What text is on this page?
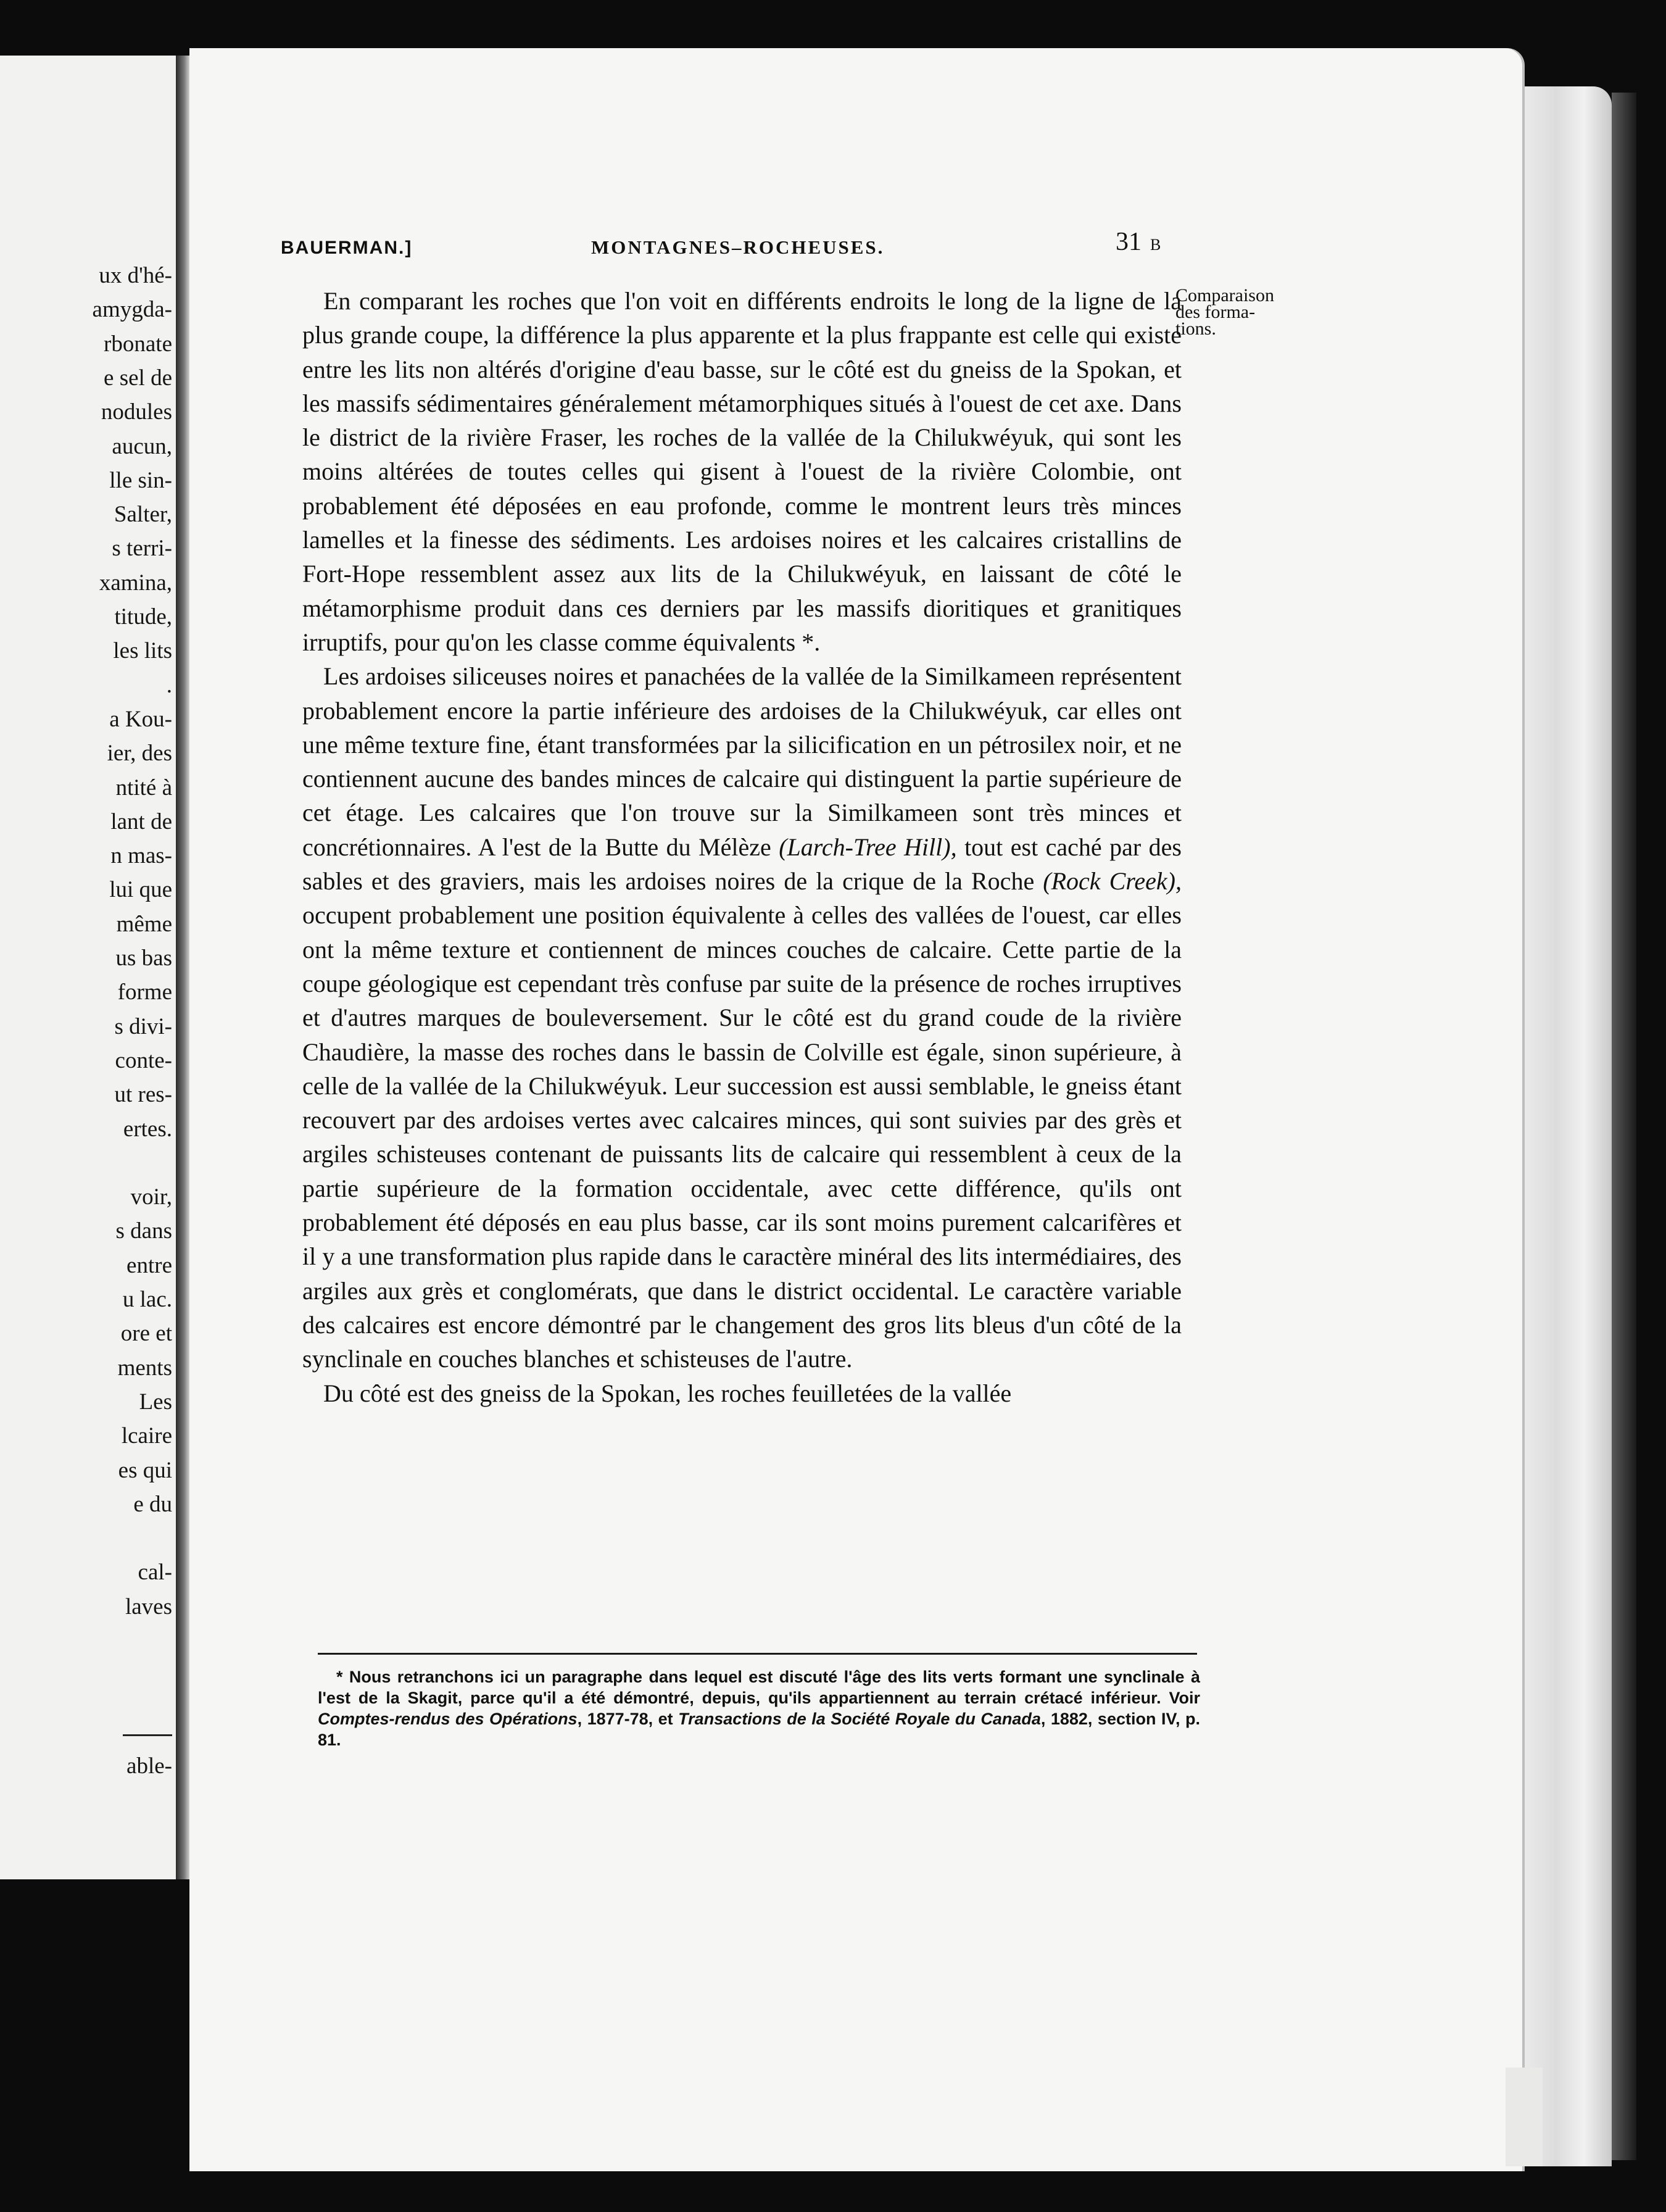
ux d'hé-
amygda-
rbonate
e sel de
nodules
aucun,
lle sin-
Salter,
s terri-
xamina,
titude,
les lits
.
a Kou-
ier, des
ntité à
lant de
n mas-
lui que
même
us bas
forme
s divi-
conte-
ut res-
ertes.
voir,
s dans
entre
u lac.
ore et
ments
Les
lcaire
es qui
e du
cal-
laves
able-
BAUERMAN.]	MONTAGNES–ROCHEUSES.	31 B
Comparaison
des forma-
tions.

En comparant les roches que l'on voit en différents endroits le long de la ligne de la plus grande coupe, la différence la plus apparente et la plus frappante est celle qui existe entre les lits non altérés d'origine d'eau basse, sur le côté est du gneiss de la Spokan, et les massifs sédimentaires généralement métamorphiques situés à l'ouest de cet axe. Dans le district de la rivière Fraser, les roches de la vallée de la Chilukwéyuk, qui sont les moins altérées de toutes celles qui gisent à l'ouest de la rivière Colombie, ont probablement été déposées en eau profonde, comme le montrent leurs très minces lamelles et la finesse des sédiments. Les ardoises noires et les calcaires cristallins de Fort-Hope ressemblent assez aux lits de la Chilukwéyuk, en laissant de côté le métamorphisme produit dans ces derniers par les massifs dioritiques et granitiques irruptifs, pour qu'on les classe comme équivalents *.

Les ardoises siliceuses noires et panachées de la vallée de la Similkameen représentent probablement encore la partie inférieure des ardoises de la Chilukwéyuk, car elles ont une même texture fine, étant transformées par la silicification en un pétrosilex noir, et ne contiennent aucune des bandes minces de calcaire qui distinguent la partie supérieure de cet étage. Les calcaires que l'on trouve sur la Similkameen sont très minces et concrétionnaires. A l'est de la Butte du Mélèze (Larch-Tree Hill), tout est caché par des sables et des graviers, mais les ardoises noires de la crique de la Roche (Rock Creek), occupent probablement une position équivalente à celles des vallées de l'ouest, car elles ont la même texture et contiennent de minces couches de calcaire. Cette partie de la coupe géologique est cependant très confuse par suite de la présence de roches irruptives et d'autres marques de bouleversement. Sur le côté est du grand coude de la rivière Chaudière, la masse des roches dans le bassin de Colville est égale, sinon supérieure, à celle de la vallée de la Chilukwéyuk. Leur succession est aussi semblable, le gneiss étant recouvert par des ardoises vertes avec calcaires minces, qui sont suivies par des grès et argiles schisteuses contenant de puissants lits de calcaire qui ressemblent à ceux de la partie supérieure de la formation occidentale, avec cette différence, qu'ils ont probablement été déposés en eau plus basse, car ils sont moins purement calcarifères et il y a une transformation plus rapide dans le caractère minéral des lits intermédiaires, des argiles aux grès et conglomérats, que dans le district occidental. Le caractère variable des calcaires est encore démontré par le changement des gros lits bleus d'un côté de la synclinale en couches blanches et schisteuses de l'autre.

Du côté est des gneiss de la Spokan, les roches feuilletées de la vallée

* Nous retranchons ici un paragraphe dans lequel est discuté l'âge des lits verts formant une synclinale à l'est de la Skagit, parce qu'il a été démontré, depuis, qu'ils appartiennent au terrain crétacé inférieur. Voir Comptes-rendus des Opérations, 1877-78, et Transactions de la Société Royale du Canada, 1882, section IV, p. 81.
